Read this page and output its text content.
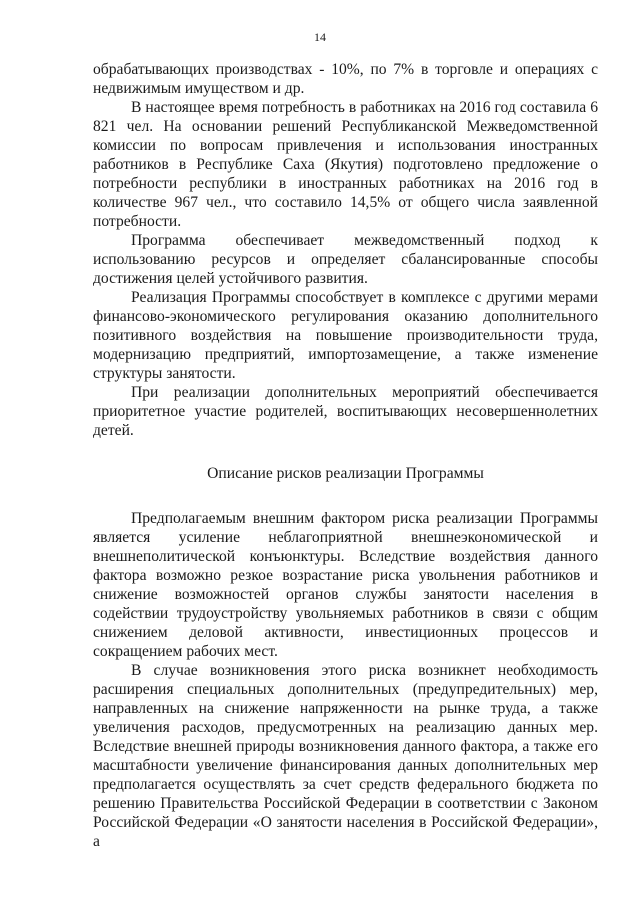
14

обрабатывающих производствах - 10%, по 7% в торговле и операциях с недвижимым имуществом и др.

В настоящее время потребность в работниках на 2016 год составила 6 821 чел. На основании решений Республиканской Межведомственной комиссии по вопросам привлечения и использования иностранных работников в Республике Саха (Якутия) подготовлено предложение о потребности республики в иностранных работниках на 2016 год в количестве 967 чел., что составило 14,5% от общего числа заявленной потребности.

Программа обеспечивает межведомственный подход к использованию ресурсов и определяет сбалансированные способы достижения целей устойчивого развития.

Реализация Программы способствует в комплексе с другими мерами финансово-экономического регулирования оказанию дополнительного позитивного воздействия на повышение производительности труда, модернизацию предприятий, импортозамещение, а также изменение структуры занятости.

При реализации дополнительных мероприятий обеспечивается приоритетное участие родителей, воспитывающих несовершеннолетних детей.

Описание рисков реализации Программы

Предполагаемым внешним фактором риска реализации Программы является усиление неблагоприятной внешнеэкономической и внешнеполитической конъюнктуры. Вследствие воздействия данного фактора возможно резкое возрастание риска увольнения работников и снижение возможностей органов службы занятости населения в содействии трудоустройству увольняемых работников в связи с общим снижением деловой активности, инвестиционных процессов и сокращением рабочих мест.

В случае возникновения этого риска возникнет необходимость расширения специальных дополнительных (предупредительных) мер, направленных на снижение напряженности на рынке труда, а также увеличения расходов, предусмотренных на реализацию данных мер. Вследствие внешней природы возникновения данного фактора, а также его масштабности увеличение финансирования данных дополнительных мер предполагается осуществлять за счет средств федерального бюджета по решению Правительства Российской Федерации в соответствии с Законом Российской Федерации «О занятости населения в Российской Федерации», а
